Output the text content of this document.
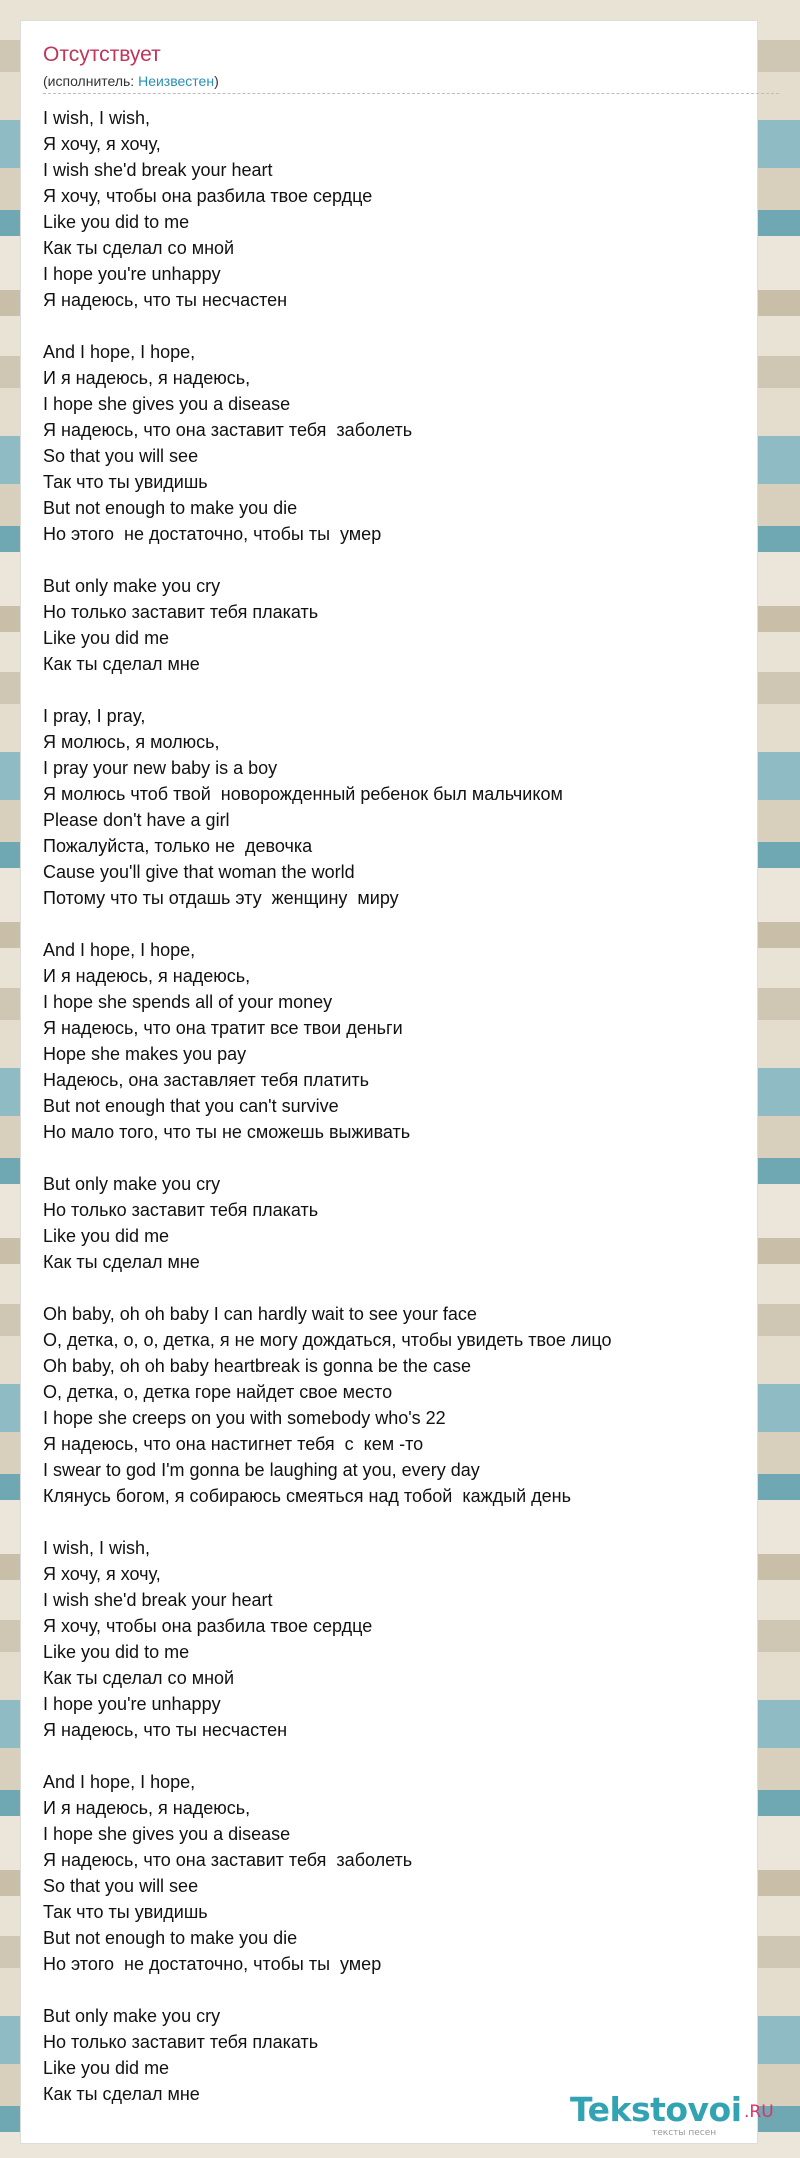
Отсутствует
(исполнитель: Неизвестен)
I wish, I wish,
Я хочу, я хочу,
I wish she'd break your heart
Я хочу, чтобы она разбила твое сердце
Like you did to me
Как ты сделал со мной
I hope you're unhappy
Я надеюсь, что ты несчастен
And I hope, I hope,
И я надеюсь, я надеюсь,
I hope she gives you a disease
Я надеюсь, что она заставит тебя  заболеть
So that you will see
Так что ты увидишь
But not enough to make you die
Но этого  не достаточно, чтобы ты  умер
But only make you cry
Но только заставит тебя плакать
Like you did me
Как ты сделал мне
I pray, I pray,
Я молюсь, я молюсь,
I pray your new baby is a boy
Я молюсь чтоб твой  новорожденный ребенок был мальчиком
Please don't have a girl
Пожалуйста, только не  девочка
Cause you'll give that woman the world
Потому что ты отдашь эту  женщину  миру
And I hope, I hope,
И я надеюсь, я надеюсь,
I hope she spends all of your money
Я надеюсь, что она тратит все твои деньги
Hope she makes you pay
Надеюсь, она заставляет тебя платить
But not enough that you can't survive
Но мало того, что ты не сможешь выживать
But only make you cry
Но только заставит тебя плакать
Like you did me
Как ты сделал мне
Oh baby, oh oh baby I can hardly wait to see your face
О, детка, о, о, детка, я не могу дождаться, чтобы увидеть твое лицо
Oh baby, oh oh baby heartbreak is gonna be the case
О, детка, о, детка горе найдет свое место
I hope she creeps on you with somebody who's 22
Я надеюсь, что она настигнет тебя  с  кем -то
I swear to god I'm gonna be laughing at you, every day
Клянусь богом, я собираюсь смеяться над тобой  каждый день
I wish, I wish,
Я хочу, я хочу,
I wish she'd break your heart
Я хочу, чтобы она разбила твое сердце
Like you did to me
Как ты сделал со мной
I hope you're unhappy
Я надеюсь, что ты несчастен
And I hope, I hope,
И я надеюсь, я надеюсь,
I hope she gives you a disease
Я надеюсь, что она заставит тебя  заболеть
So that you will see
Так что ты увидишь
But not enough to make you die
Но этого  не достаточно, чтобы ты  умер
But only make you cry
Но только заставит тебя плакать
Like you did me
Как ты сделал мне	Tekstovoi .RU
тексты песен
